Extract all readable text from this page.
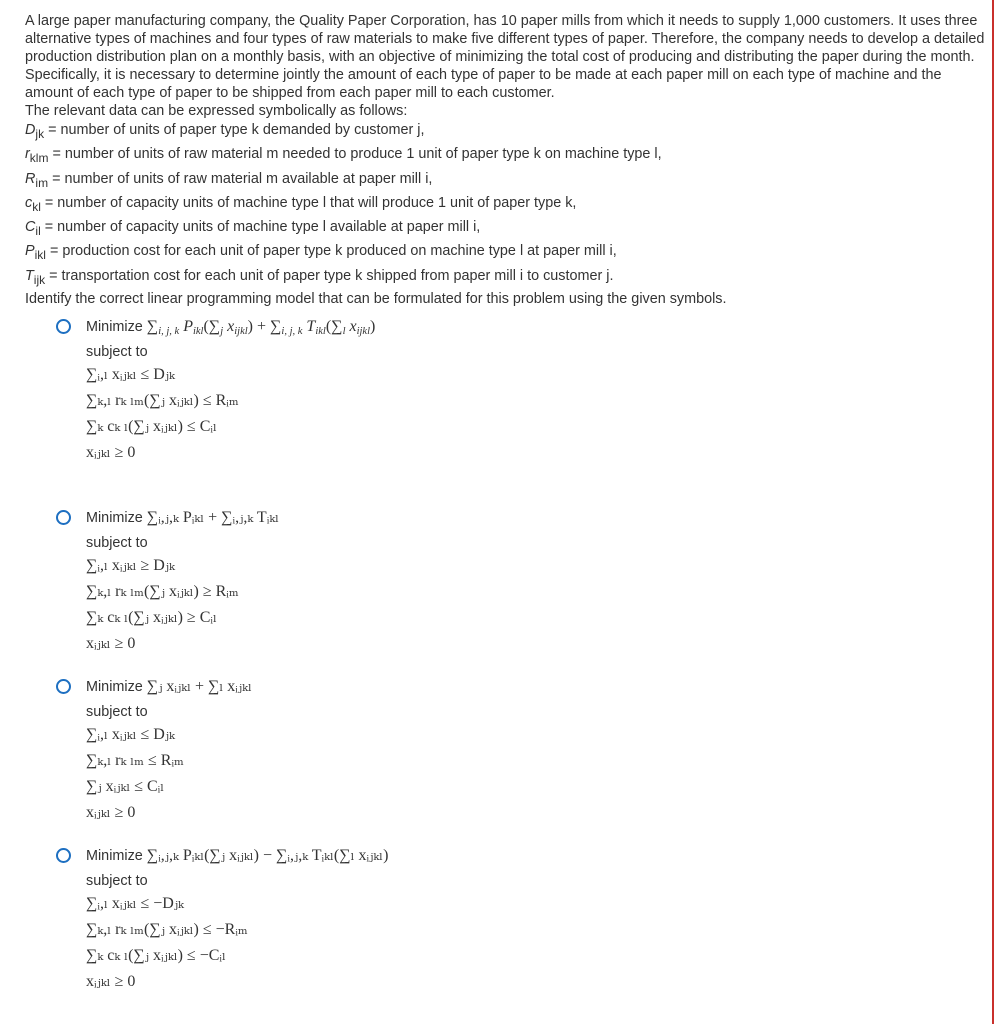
A large paper manufacturing company, the Quality Paper Corporation, has 10 paper mills from which it needs to supply 1,000 customers. It uses three alternative types of machines and four types of raw materials to make five different types of paper. Therefore, the company needs to develop a detailed production distribution plan on a monthly basis, with an objective of minimizing the total cost of producing and distributing the paper during the month. Specifically, it is necessary to determine jointly the amount of each type of paper to be made at each paper mill on each type of machine and the amount of each type of paper to be shipped from each paper mill to each customer.

The relevant data can be expressed symbolically as follows:

$D_{jk}$ = number of units of paper type k demanded by customer j,

$r_{klm}$ = number of units of raw material m needed to produce 1 unit of paper type k on machine type l,

$R_{im}$ = number of units of raw material m available at paper mill i,

$c_{kl}$ = number of capacity units of machine type l that will produce 1 unit of paper type k,

$C_{il}$ = number of capacity units of machine type l available at paper mill i,

$P_{ikl}$ = production cost for each unit of paper type k produced on machine type l at paper mill i,

$T_{ijk}$ = transportation cost for each unit of paper type k shipped from paper mill i to customer j.

Identify the correct linear programming model that can be formulated for this problem using the given symbols.

Minimize $\sum_{i, j, k}$ $P_{ikl}(\sum_j$ $x_{ijkl}) + \sum_{i, j, k}$ $T_{ikl}(\sum_l$ $x_{ijkl}$)
subject to
∑ᵢ,ₗ xᵢⱼₖₗ ≤ Dⱼₖ
∑ₖ,ₗ rₖ ₗₘ(∑ⱼ xᵢⱼₖₗ) ≤ Rᵢₘ
∑ₖ cₖ ₗ(∑ⱼ xᵢⱼₖₗ) ≤ Cᵢₗ
xᵢⱼₖₗ ≥ 0
Minimize ∑ᵢ,ⱼ,ₖ Pᵢₖₗ + ∑ᵢ,ⱼ,ₖ Tᵢₖₗ
subject to
∑ᵢ,ₗ xᵢⱼₖₗ ≥ Dⱼₖ
∑ₖ,ₗ rₖ ₗₘ(∑ⱼ xᵢⱼₖₗ) ≥ Rᵢₘ
∑ₖ cₖ ₗ(∑ⱼ xᵢⱼₖₗ) ≥ Cᵢₗ
xᵢⱼₖₗ ≥ 0
Minimize ∑ⱼ xᵢⱼₖₗ + ∑ₗ xᵢⱼₖₗ
subject to
∑ᵢ,ₗ xᵢⱼₖₗ ≤ Dⱼₖ
∑ₖ,ₗ rₖ ₗₘ ≤ Rᵢₘ
∑ⱼ xᵢⱼₖₗ ≤ Cᵢₗ
xᵢⱼₖₗ ≥ 0
Minimize ∑ᵢ,ⱼ,ₖ Pᵢₖₗ(∑ⱼ xᵢⱼₖₗ) − ∑ᵢ,ⱼ,ₖ Tᵢₖₗ(∑ₗ xᵢⱼₖₗ)
subject to
∑ᵢ,ₗ xᵢⱼₖₗ ≤ −Dⱼₖ
∑ₖ,ₗ rₖ ₗₘ(∑ⱼ xᵢⱼₖₗ) ≤ −Rᵢₘ
∑ₖ cₖ ₗ(∑ⱼ xᵢⱼₖₗ) ≤ −Cᵢₗ
xᵢⱼₖₗ ≥ 0
